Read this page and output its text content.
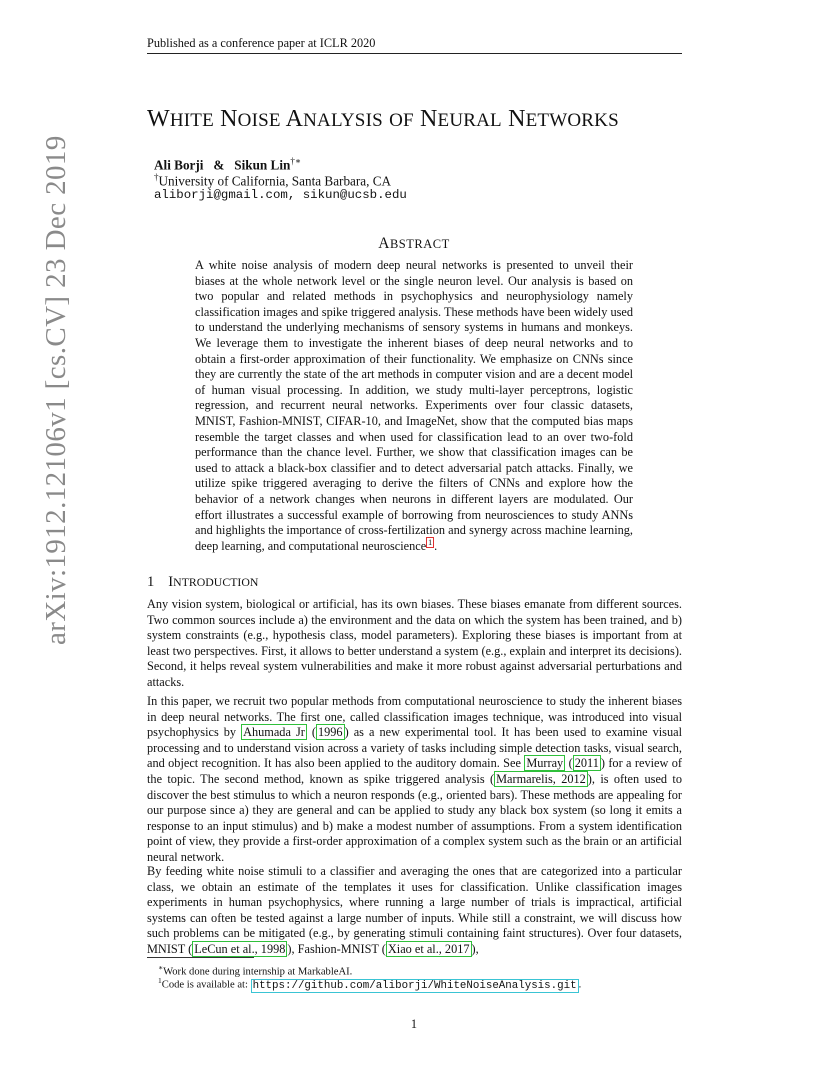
Published as a conference paper at ICLR 2020
arXiv:1912.12106v1 [cs.CV] 23 Dec 2019
WHITE NOISE ANALYSIS OF NEURAL NETWORKS
Ali Borji & Sikun Lin†∗
†University of California, Santa Barbara, CA
aliborji@gmail.com, sikun@ucsb.edu
ABSTRACT
A white noise analysis of modern deep neural networks is presented to unveil their biases at the whole network level or the single neuron level. Our analysis is based on two popular and related methods in psychophysics and neurophysiology namely classification images and spike triggered analysis. These methods have been widely used to understand the underlying mechanisms of sensory systems in humans and monkeys. We leverage them to investigate the inherent biases of deep neural networks and to obtain a first-order approximation of their functionality. We emphasize on CNNs since they are currently the state of the art methods in computer vision and are a decent model of human visual processing. In addition, we study multi-layer perceptrons, logistic regression, and recurrent neural networks. Experiments over four classic datasets, MNIST, Fashion-MNIST, CIFAR-10, and ImageNet, show that the computed bias maps resemble the target classes and when used for classification lead to an over two-fold performance than the chance level. Further, we show that classification images can be used to attack a black-box classifier and to detect adversarial patch attacks. Finally, we utilize spike triggered averaging to derive the filters of CNNs and explore how the behavior of a network changes when neurons in different layers are modulated. Our effort illustrates a successful example of borrowing from neurosciences to study ANNs and highlights the importance of cross-fertilization and synergy across machine learning, deep learning, and computational neuroscience $^1$ .
1 INTRODUCTION
Any vision system, biological or artificial, has its own biases. These biases emanate from different sources. Two common sources include a) the environment and the data on which the system has been trained, and b) system constraints (e.g., hypothesis class, model parameters). Exploring these biases is important from at least two perspectives. First, it allows to better understand a system (e.g., explain and interpret its decisions). Second, it helps reveal system vulnerabilities and make it more robust against adversarial perturbations and attacks.
In this paper, we recruit two popular methods from computational neuroscience to study the inherent biases in deep neural networks. The first one, called classification images technique, was introduced into visual psychophysics by Ahumada Jr ( 1996 ) as a new experimental tool. It has been used to examine visual processing and to understand vision across a variety of tasks including simple detection tasks, visual search, and object recognition. It has also been applied to the auditory domain. See Murray ( 2011 ) for a review of the topic. The second method, known as spike triggered analysis ( Marmarelis, 2012 ), is often used to discover the best stimulus to which a neuron responds (e.g., oriented bars). These methods are appealing for our purpose since a) they are general and can be applied to study any black box system (so long it emits a response to an input stimulus) and b) make a modest number of assumptions. From a system identification point of view, they provide a first-order approximation of a complex system such as the brain or an artificial neural network.
By feeding white noise stimuli to a classifier and averaging the ones that are categorized into a particular class, we obtain an estimate of the templates it uses for classification. Unlike classification images experiments in human psychophysics, where running a large number of trials is impractical, artificial systems can often be tested against a large number of inputs. While still a constraint, we will discuss how such problems can be mitigated (e.g., by generating stimuli containing faint structures). Over four datasets, MNIST ( LeCun et al., 1998 ), Fashion-MNIST ( Xiao et al., 2017 ),
∗Work done during internship at MarkableAI.
$^1$Code is available at: https://github.com/aliborji/WhiteNoiseAnalysis.git .
1
